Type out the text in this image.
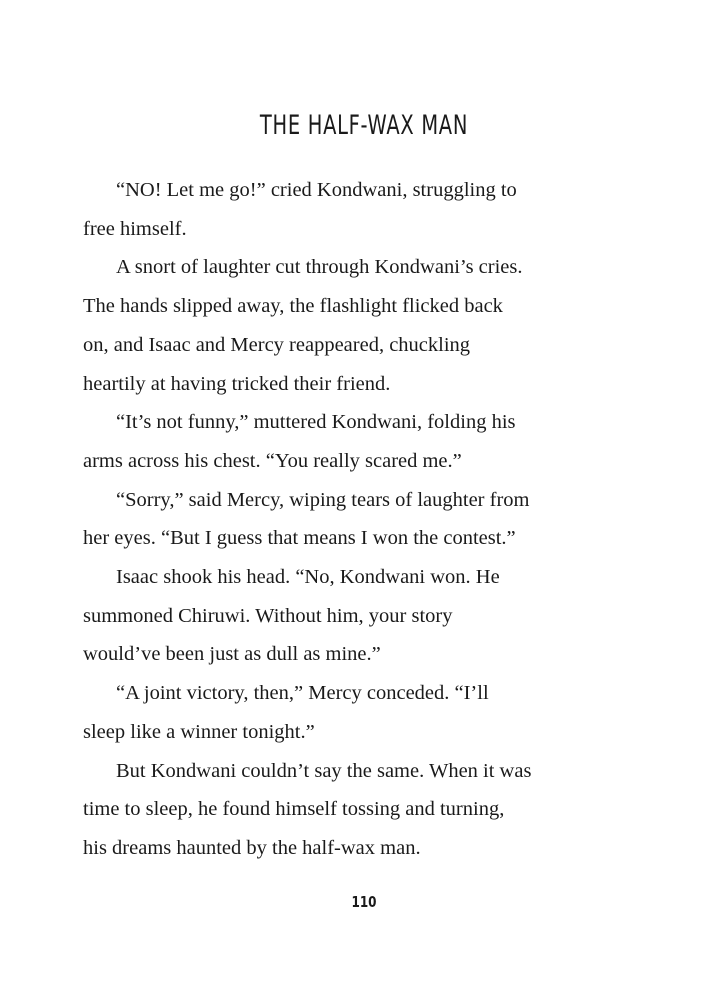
THE HALF-WAX MAN

“NO! Let me go!” cried Kondwani, struggling to
free himself.

A snort of laughter cut through Kondwani’s cries.
The hands slipped away, the flashlight flicked back
on, and Isaac and Mercy reappeared, chuckling
heartily at having tricked their friend.

“It’s not funny,” muttered Kondwani, folding his
arms across his chest. “You really scared me.”

“Sorry,” said Mercy, wiping tears of laughter from
her eyes. “But I guess that means I won the contest.”

Isaac shook his head. “No, Kondwani won. He
summoned Chiruwi. Without him, your story
would’ve been just as dull as mine.”

“A joint victory, then,” Mercy conceded. “I’ll
sleep like a winner tonight.”

But Kondwani couldn’t say the same. When it was
time to sleep, he found himself tossing and turning,
his dreams haunted by the half-wax man.

110
